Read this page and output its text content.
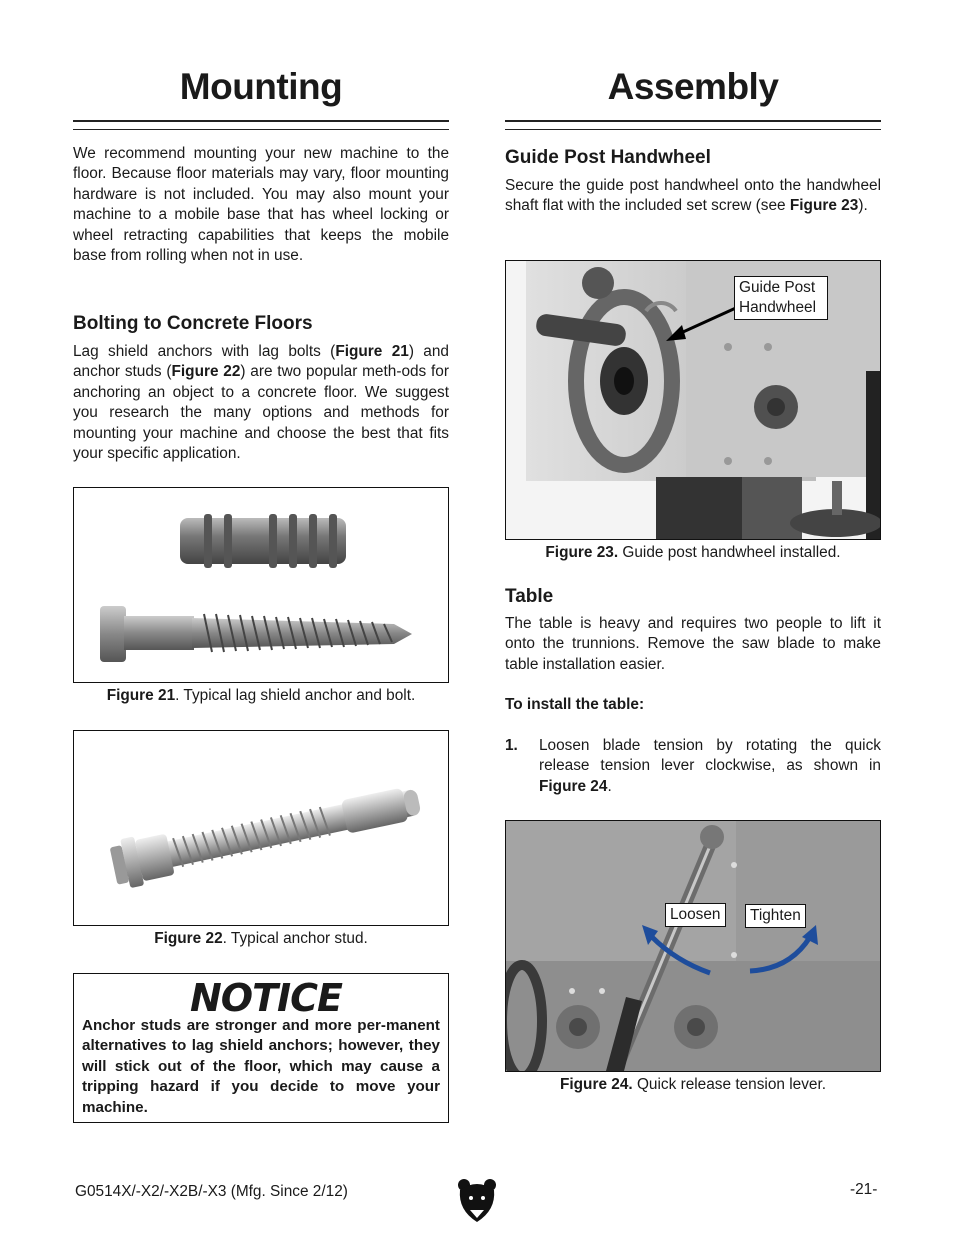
Mounting
We recommend mounting your new machine to the floor. Because floor materials may vary, floor mounting hardware is not included. You may also mount your machine to a mobile base that has wheel locking or wheel retracting capabilities that keeps the mobile base from rolling when not in use.
Bolting to Concrete Floors
Lag shield anchors with lag bolts (Figure 21) and anchor studs (Figure 22) are two popular meth-ods for anchoring an object to a concrete floor. We suggest you research the many options and methods for mounting your machine and choose the best that fits your specific application.
Figure 21. Typical lag shield anchor and bolt.
Figure 22. Typical anchor stud.
NOTICE
Anchor studs are stronger and more per-manent alternatives to lag shield anchors; however, they will stick out of the floor, which may cause a tripping hazard if you decide to move your machine.
Assembly
Guide Post Handwheel
Secure the guide post handwheel onto the handwheel shaft flat with the included set screw (see Figure 23).
Guide Post
Handwheel
Figure 23. Guide post handwheel installed.
Table
The table is heavy and requires two people to lift it onto the trunnions. Remove the saw blade to make table installation easier.
To install the table:
1. Loosen blade tension by rotating the quick release tension lever clockwise, as shown in Figure 24.
Loosen	Tighten
Figure 24. Quick release tension lever.
G0514X/-X2/-X2B/-X3 (Mfg. Since 2/12)	-21-
